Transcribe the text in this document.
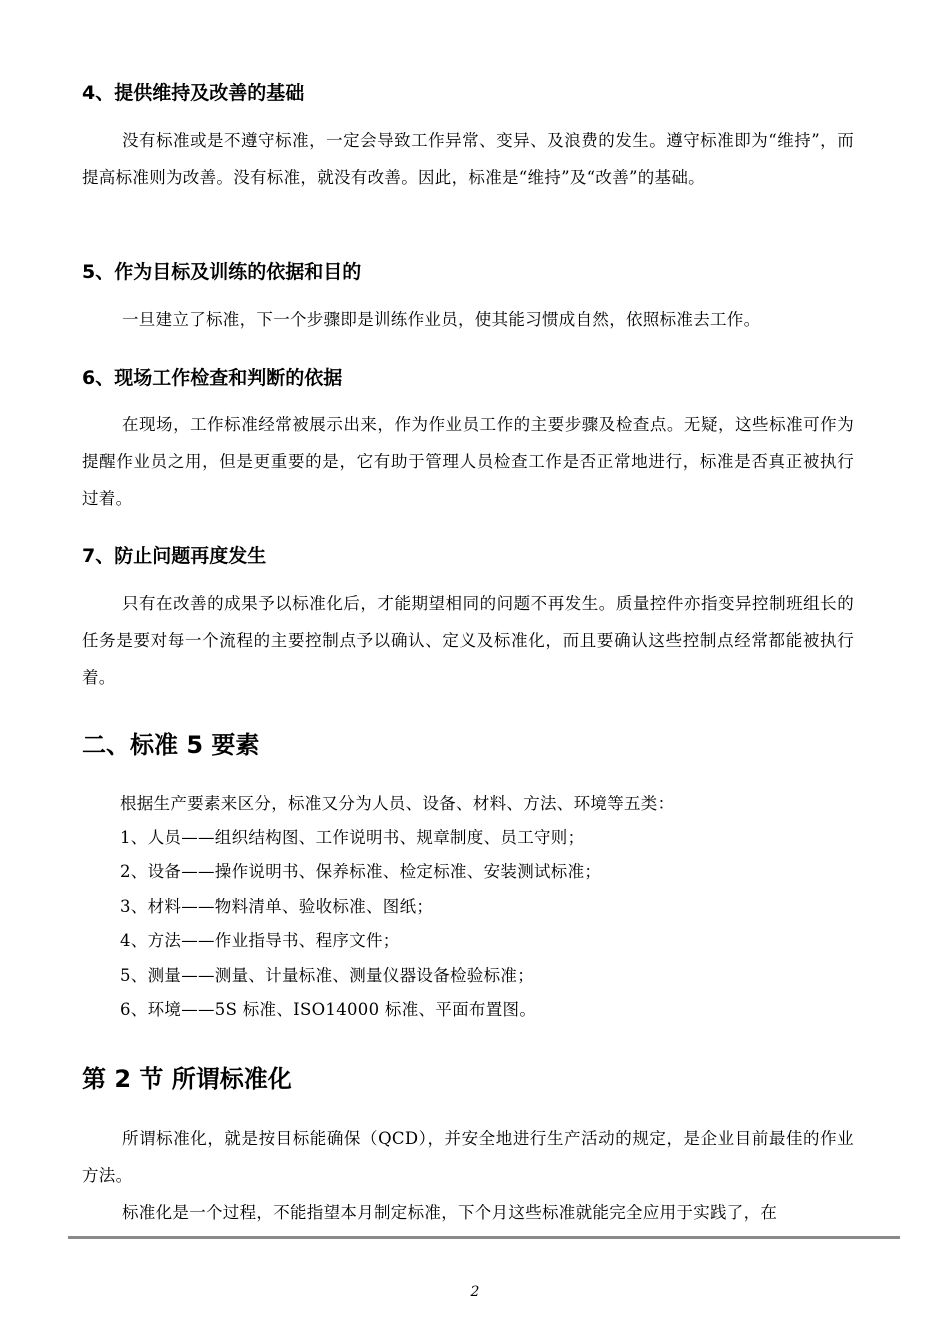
4、提供维持及改善的基础
没有标准或是不遵守标准，一定会导致工作异常、变异、及浪费的发生。遵守标准即为“维持”，而提高标准则为改善。没有标准，就没有改善。因此，标准是“维持”及“改善”的基础。
5、作为目标及训练的依据和目的
一旦建立了标准，下一个步骤即是训练作业员，使其能习惯成自然，依照标准去工作。
6、现场工作检查和判断的依据
在现场，工作标准经常被展示出来，作为作业员工作的主要步骤及检查点。无疑，这些标准可作为提醒作业员之用，但是更重要的是，它有助于管理人员检查工作是否正常地进行，标准是否真正被执行过着。
7、防止问题再度发生
只有在改善的成果予以标准化后，才能期望相同的问题不再发生。质量控件亦指变异控制班组长的任务是要对每一个流程的主要控制点予以确认、定义及标准化，而且要确认这些控制点经常都能被执行着。
二、标准 5 要素
根据生产要素来区分，标准又分为人员、设备、材料、方法、环境等五类：
1、人员——组织结构图、工作说明书、规章制度、员工守则；
2、设备——操作说明书、保养标准、检定标准、安装测试标准；
3、材料——物料清单、验收标准、图纸；
4、方法——作业指导书、程序文件；
5、测量——测量、计量标准、测量仪器设备检验标准；
6、环境——5S 标准、ISO14000 标准、平面布置图。
第 2 节 所谓标准化
所谓标准化，就是按目标能确保（QCD），并安全地进行生产活动的规定，是企业目前最佳的作业方法。
标准化是一个过程，不能指望本月制定标准，下个月这些标准就能完全应用于实践了，在
2
